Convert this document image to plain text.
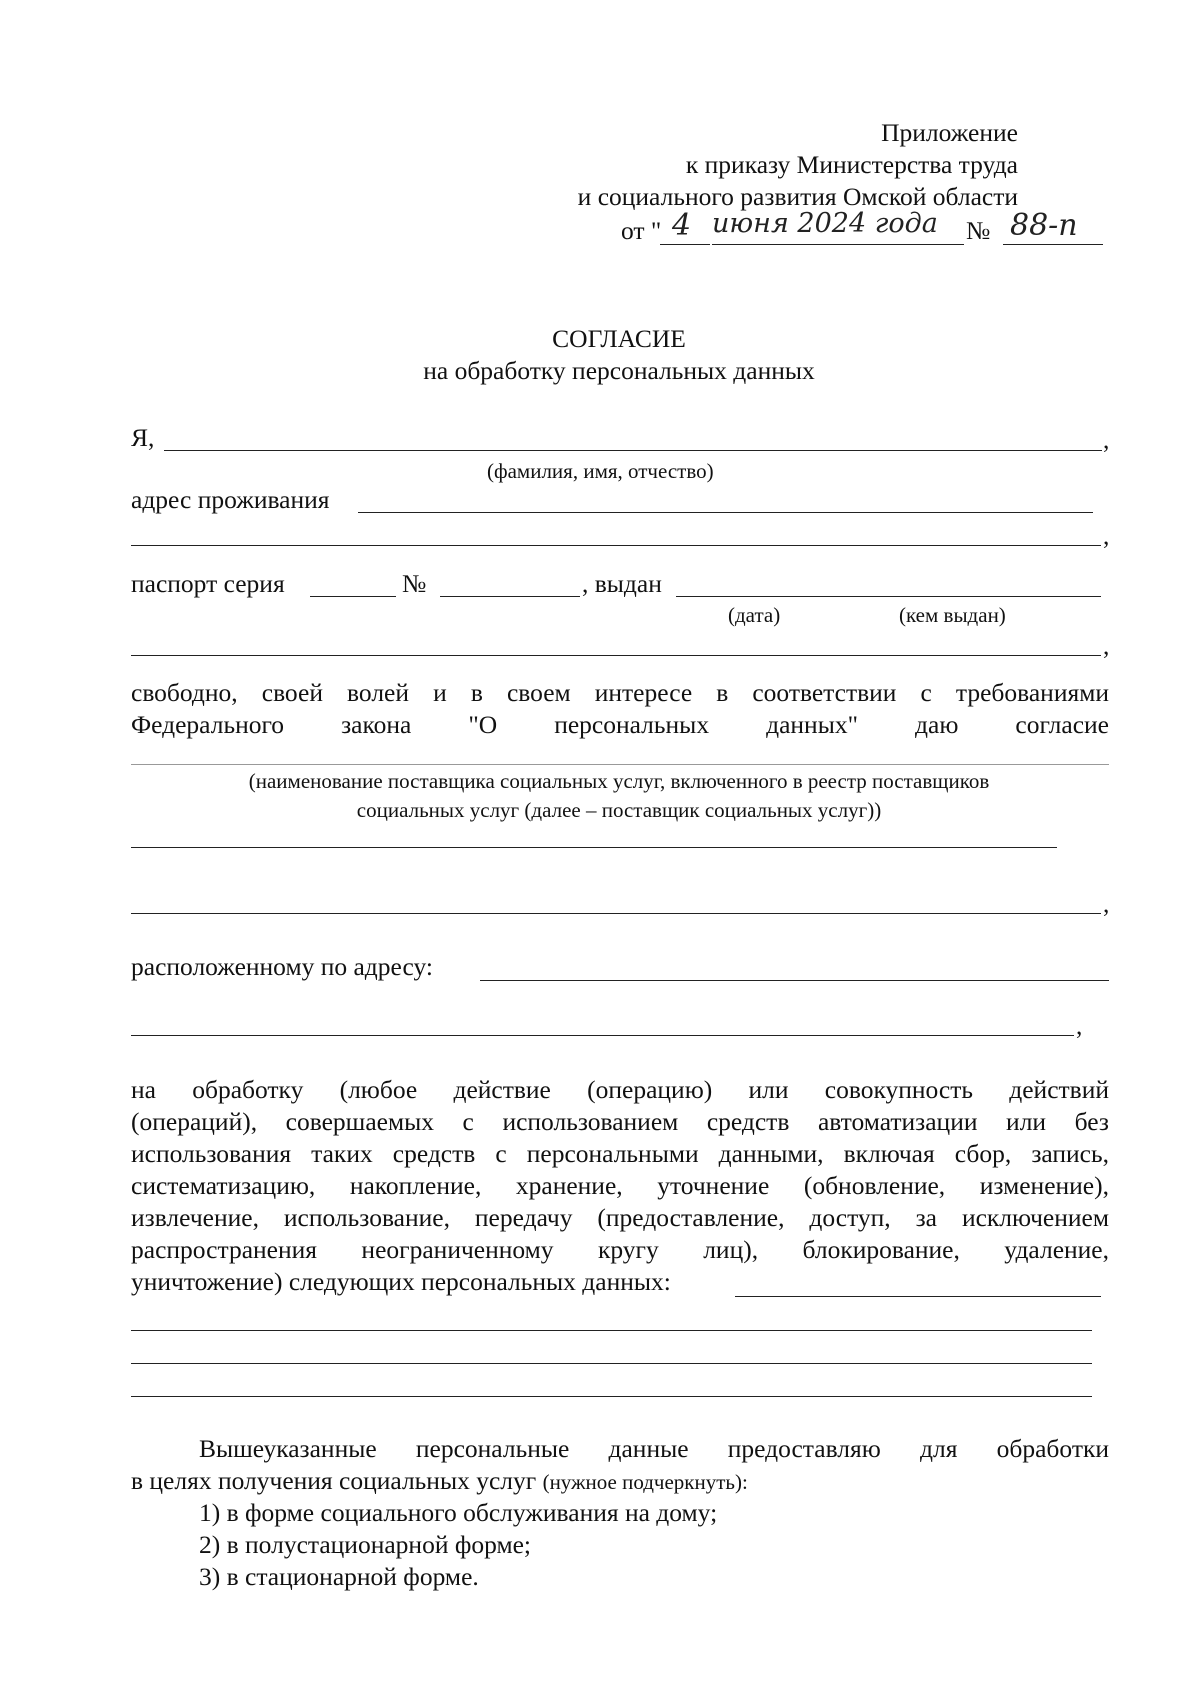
Приложение
к приказу Министерства труда
и социального развития Омской области
от " 4 июня 2024 года № 88-п
СОГЛАСИЕ
на обработку персональных данных
Я,	,
(фамилия, имя, отчество)
адрес проживания
,
паспорт серия	№	, выдан
(дата)	(кем выдан)
,
свободно, своей волей и в своем интересе в соответствии с требованиями
Федерального закона "О персональных данных" даю согласие
(наименование поставщика социальных услуг, включенного в реестр поставщиков
социальных услуг (далее – поставщик социальных услуг))
,
расположенному по адресу:
,
на обработку (любое действие (операцию) или совокупность действий
(операций), совершаемых с использованием средств автоматизации или без
использования таких средств с персональными данными, включая сбор, запись,
систематизацию, накопление, хранение, уточнение (обновление, изменение),
извлечение, использование, передачу (предоставление, доступ, за исключением
распространения неограниченному кругу лиц), блокирование, удаление,
уничтожение) следующих персональных данных:
Вышеуказанные персональные данные предоставляю для обработки
в целях получения социальных услуг (нужное подчеркнуть):
1) в форме социального обслуживания на дому;
2) в полустационарной форме;
3) в стационарной форме.
